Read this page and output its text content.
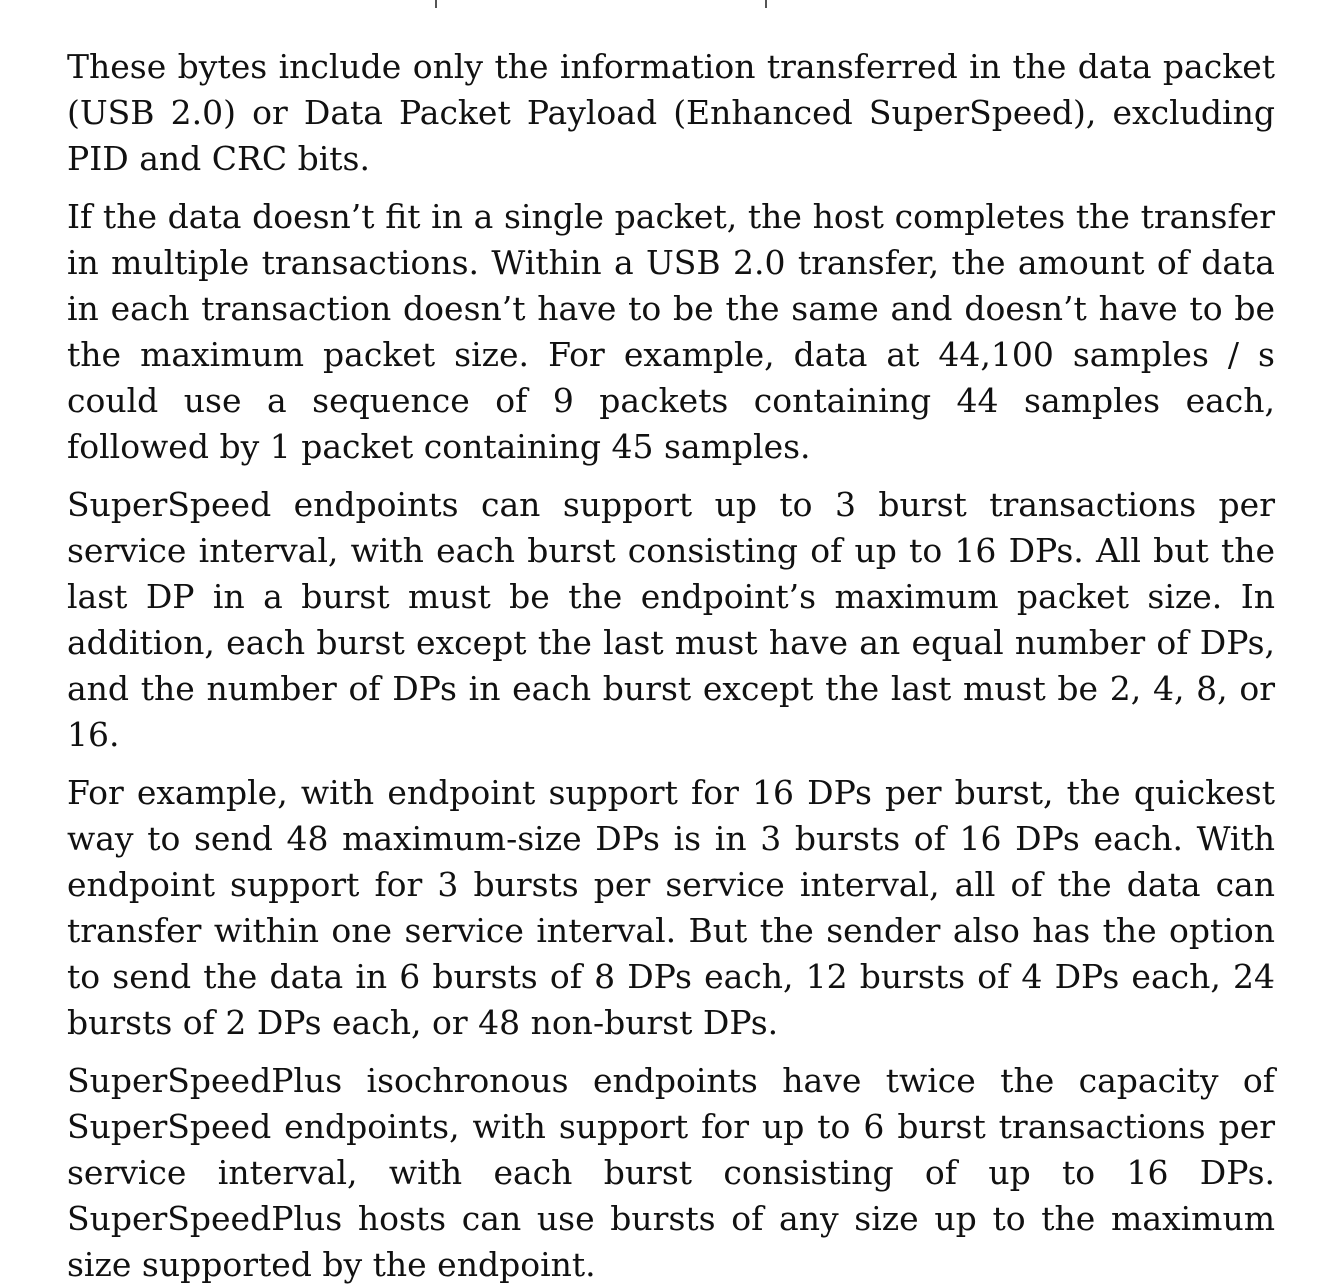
These bytes include only the information transferred in the data packet (USB 2.0) or Data Packet Payload (Enhanced SuperSpeed), excluding PID and CRC bits.

If the data doesn’t fit in a single packet, the host completes the transfer in multiple transactions. Within a USB 2.0 transfer, the amount of data in each transaction doesn’t have to be the same and doesn’t have to be the maximum packet size. For example, data at 44,100 samples / s could use a sequence of 9 packets containing 44 samples each, followed by 1 packet containing 45 samples.

SuperSpeed endpoints can support up to 3 burst transactions per service interval, with each burst consisting of up to 16 DPs. All but the last DP in a burst must be the endpoint’s maximum packet size. In addition, each burst except the last must have an equal number of DPs, and the number of DPs in each burst except the last must be 2, 4, 8, or 16.

For example, with endpoint support for 16 DPs per burst, the quickest way to send 48 maximum-size DPs is in 3 bursts of 16 DPs each. With endpoint support for 3 bursts per service interval, all of the data can transfer within one service interval. But the sender also has the option to send the data in 6 bursts of 8 DPs each, 12 bursts of 4 DPs each, 24 bursts of 2 DPs each, or 48 non-burst DPs.

SuperSpeedPlus isochronous endpoints have twice the capacity of SuperSpeed endpoints, with support for up to 6 burst transactions per service interval, with each burst consisting of up to 16 DPs. SuperSpeedPlus hosts can use bursts of any size up to the maximum size supported by the endpoint.
